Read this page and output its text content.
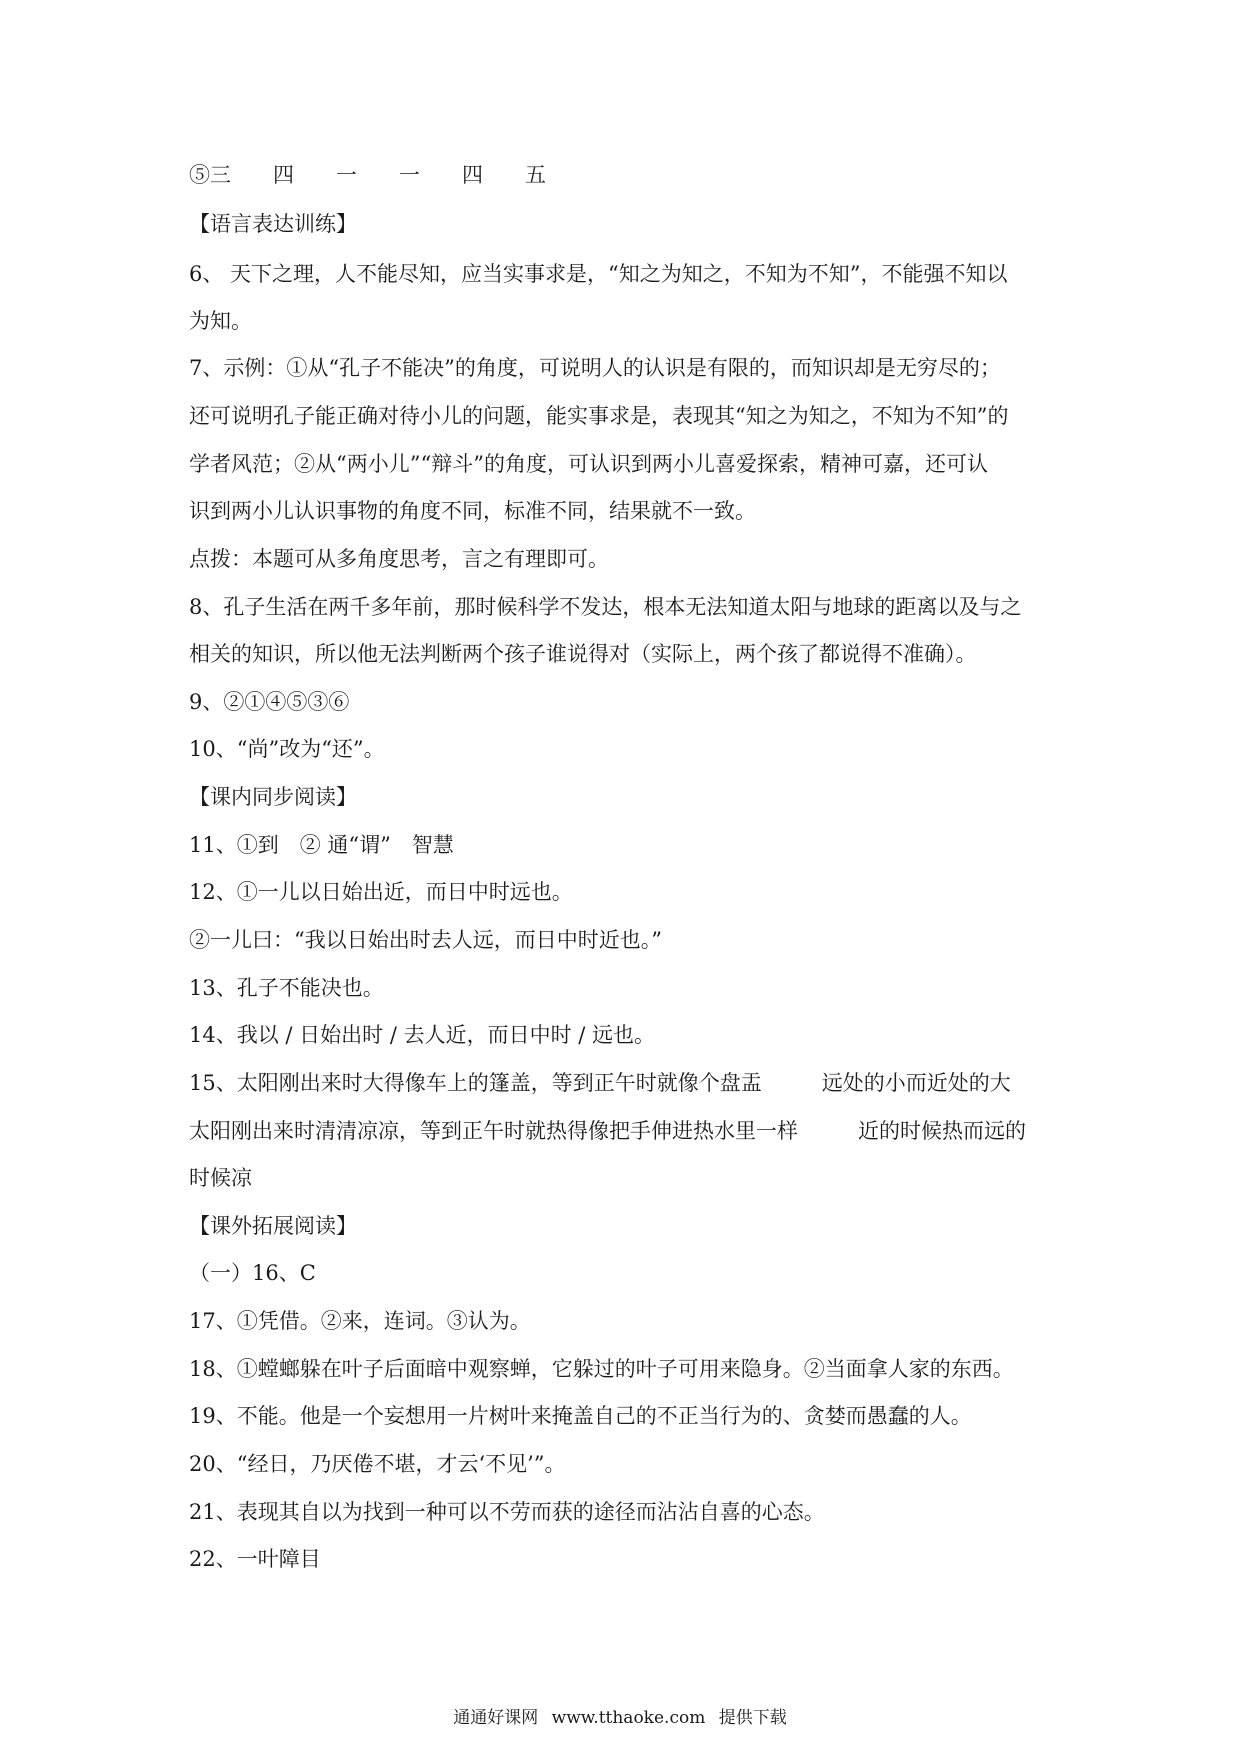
⑤三　　四　　一　　一　　四　　五
【语言表达训练】
6、 天下之理，人不能尽知，应当实事求是，“知之为知之，不知为不知”，不能强不知以
为知。
7、示例：①从“孔子不能决”的角度，可说明人的认识是有限的，而知识却是无穷尽的；
还可说明孔子能正确对待小儿的问题，能实事求是，表现其“知之为知之，不知为不知”的
学者风范；②从“两小儿”“辩斗”的角度，可认识到两小儿喜爱探索，精神可嘉，还可认
识到两小儿认识事物的角度不同，标准不同，结果就不一致。
点拨：本题可从多角度思考，言之有理即可。
8、孔子生活在两千多年前，那时候科学不发达，根本无法知道太阳与地球的距离以及与之
相关的知识，所以他无法判断两个孩子谁说得对（实际上，两个孩了都说得不准确）。
9、②①④⑤③⑥
10、“尚”改为“还”。
【课内同步阅读】
11、①到　② 通“谓”　智慧
12、①一儿以日始出近，而日中时远也。
②一儿曰：“我以日始出时去人远，而日中时近也。”
13、孔子不能决也。
14、我以 / 日始出时 / 去人近，而日中时 / 远也。
15、太阳刚出来时大得像车上的篷盖，等到正午时就像个盘盂	远处的小而近处的大
太阳刚出来时清清凉凉，等到正午时就热得像把手伸进热水里一样	近的时候热而远的
时候凉
【课外拓展阅读】
（一）16、C
17、①凭借。②来，连词。③认为。
18、①螳螂躲在叶子后面暗中观察蝉，它躲过的叶子可用来隐身。②当面拿人家的东西。
19、不能。他是一个妄想用一片树叶来掩盖自己的不正当行为的、贪婪而愚蠢的人。
20、“经日，乃厌倦不堪，才云‘不见’”。
21、表现其自以为找到一种可以不劳而获的途径而沾沾自喜的心态。
22、一叶障目
通通好课网 www.tthaoke.com 提供下载
